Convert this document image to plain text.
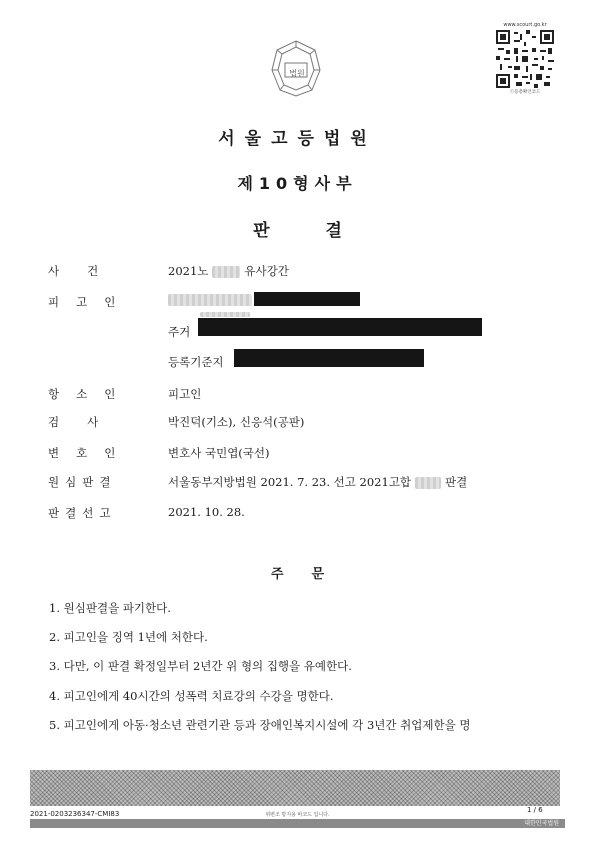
법원
www.scourt.go.kr
ⓒ등총확인코드
서울고등법원
제10형사부
판	결
사건	2021노	유사강간
피고인
주거
등록기준지
항소인	피고인
검사	박진덕(기소), 신응석(공판)
변호인	변호사 국민엽(국선)
원심판결	서울동부지방법원 2021. 7. 23. 선고 2021고합	판결
판결선고	2021. 10. 28.
주 문
1. 원심판결을 파기한다.
2. 피고인을 징역 1년에 처한다.
3. 다만, 이 판결 확정일부터 2년간 위 형의 집행을 유예한다.
4. 피고인에게 40시간의 성폭력 치료강의 수강을 명한다.
5. 피고인에게 아동·청소년 관련기관 등과 장애인복지시설에 각 3년간 취업제한을 명
2021-0203236347-CMI83	위변조 방지용 바코드 입니다.
1 / 6
대한민국법원
